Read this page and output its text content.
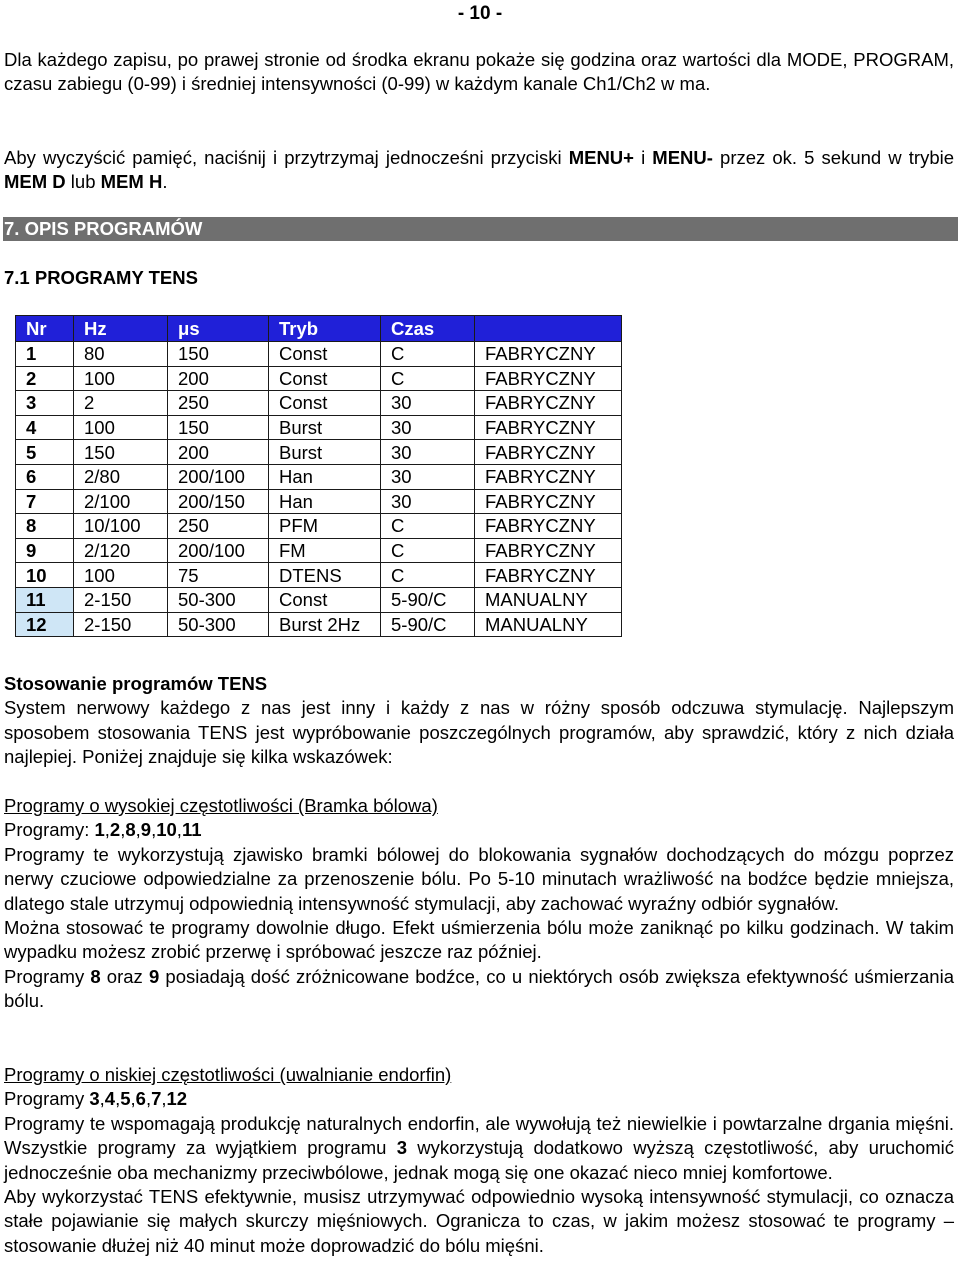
- 10 -
Dla każdego zapisu, po prawej stronie od środka ekranu pokaże się godzina oraz wartości dla MODE, PROGRAM, czasu zabiegu (0-99) i średniej intensywności (0-99) w każdym kanale Ch1/Ch2 w ma.
Aby wyczyścić pamięć, naciśnij i przytrzymaj jednocześni przyciski MENU+ i MENU- przez ok. 5 sekund w trybie MEM D lub MEM H.
7. OPIS PROGRAMÓW
7.1 PROGRAMY TENS
Nr	Hz	μs	Tryb	Czas	
1	80	150	Const	C	FABRYCZNY
2	100	200	Const	C	FABRYCZNY
3	2	250	Const	30	FABRYCZNY
4	100	150	Burst	30	FABRYCZNY
5	150	200	Burst	30	FABRYCZNY
6	2/80	200/100	Han	30	FABRYCZNY
7	2/100	200/150	Han	30	FABRYCZNY
8	10/100	250	PFM	C	FABRYCZNY
9	2/120	200/100	FM	C	FABRYCZNY
10	100	75	DTENS	C	FABRYCZNY
11	2-150	50-300	Const	5-90/C	MANUALNY
12	2-150	50-300	Burst 2Hz	5-90/C	MANUALNY
Stosowanie programów TENS
System nerwowy każdego z nas jest inny i każdy z nas w różny sposób odczuwa stymulację. Najlepszym sposobem stosowania TENS jest wypróbowanie poszczególnych programów, aby sprawdzić, który z nich działa najlepiej. Poniżej znajduje się kilka wskazówek:
Programy o wysokiej częstotliwości (Bramka bólowa)
Programy: 1,2,8,9,10,11
Programy te wykorzystują zjawisko bramki bólowej do blokowania sygnałów dochodzących do mózgu poprzez nerwy czuciowe odpowiedzialne za przenoszenie bólu. Po 5-10 minutach wrażliwość na bodźce będzie mniejsza, dlatego stale utrzymuj odpowiednią intensywność stymulacji, aby zachować wyraźny odbiór sygnałów.
Można stosować te programy dowolnie długo. Efekt uśmierzenia bólu może zaniknąć po kilku godzinach. W takim wypadku możesz zrobić przerwę i spróbować jeszcze raz później.
Programy 8 oraz 9 posiadają dość zróżnicowane bodźce, co u niektórych osób zwiększa efektywność uśmierzania bólu.
Programy o niskiej częstotliwości (uwalnianie endorfin)
Programy 3,4,5,6,7,12
Programy te wspomagają produkcję naturalnych endorfin, ale wywołują też niewielkie i powtarzalne drgania mięśni. Wszystkie programy za wyjątkiem programu 3 wykorzystują dodatkowo wyższą częstotliwość, aby uruchomić jednocześnie oba mechanizmy przeciwbólowe, jednak mogą się one okazać nieco mniej komfortowe.
Aby wykorzystać TENS efektywnie, musisz utrzymywać odpowiednio wysoką intensywność stymulacji, co oznacza stałe pojawianie się małych skurczy mięśniowych. Ogranicza to czas, w jakim możesz stosować te programy – stosowanie dłużej niż 40 minut może doprowadzić do bólu mięśni.
